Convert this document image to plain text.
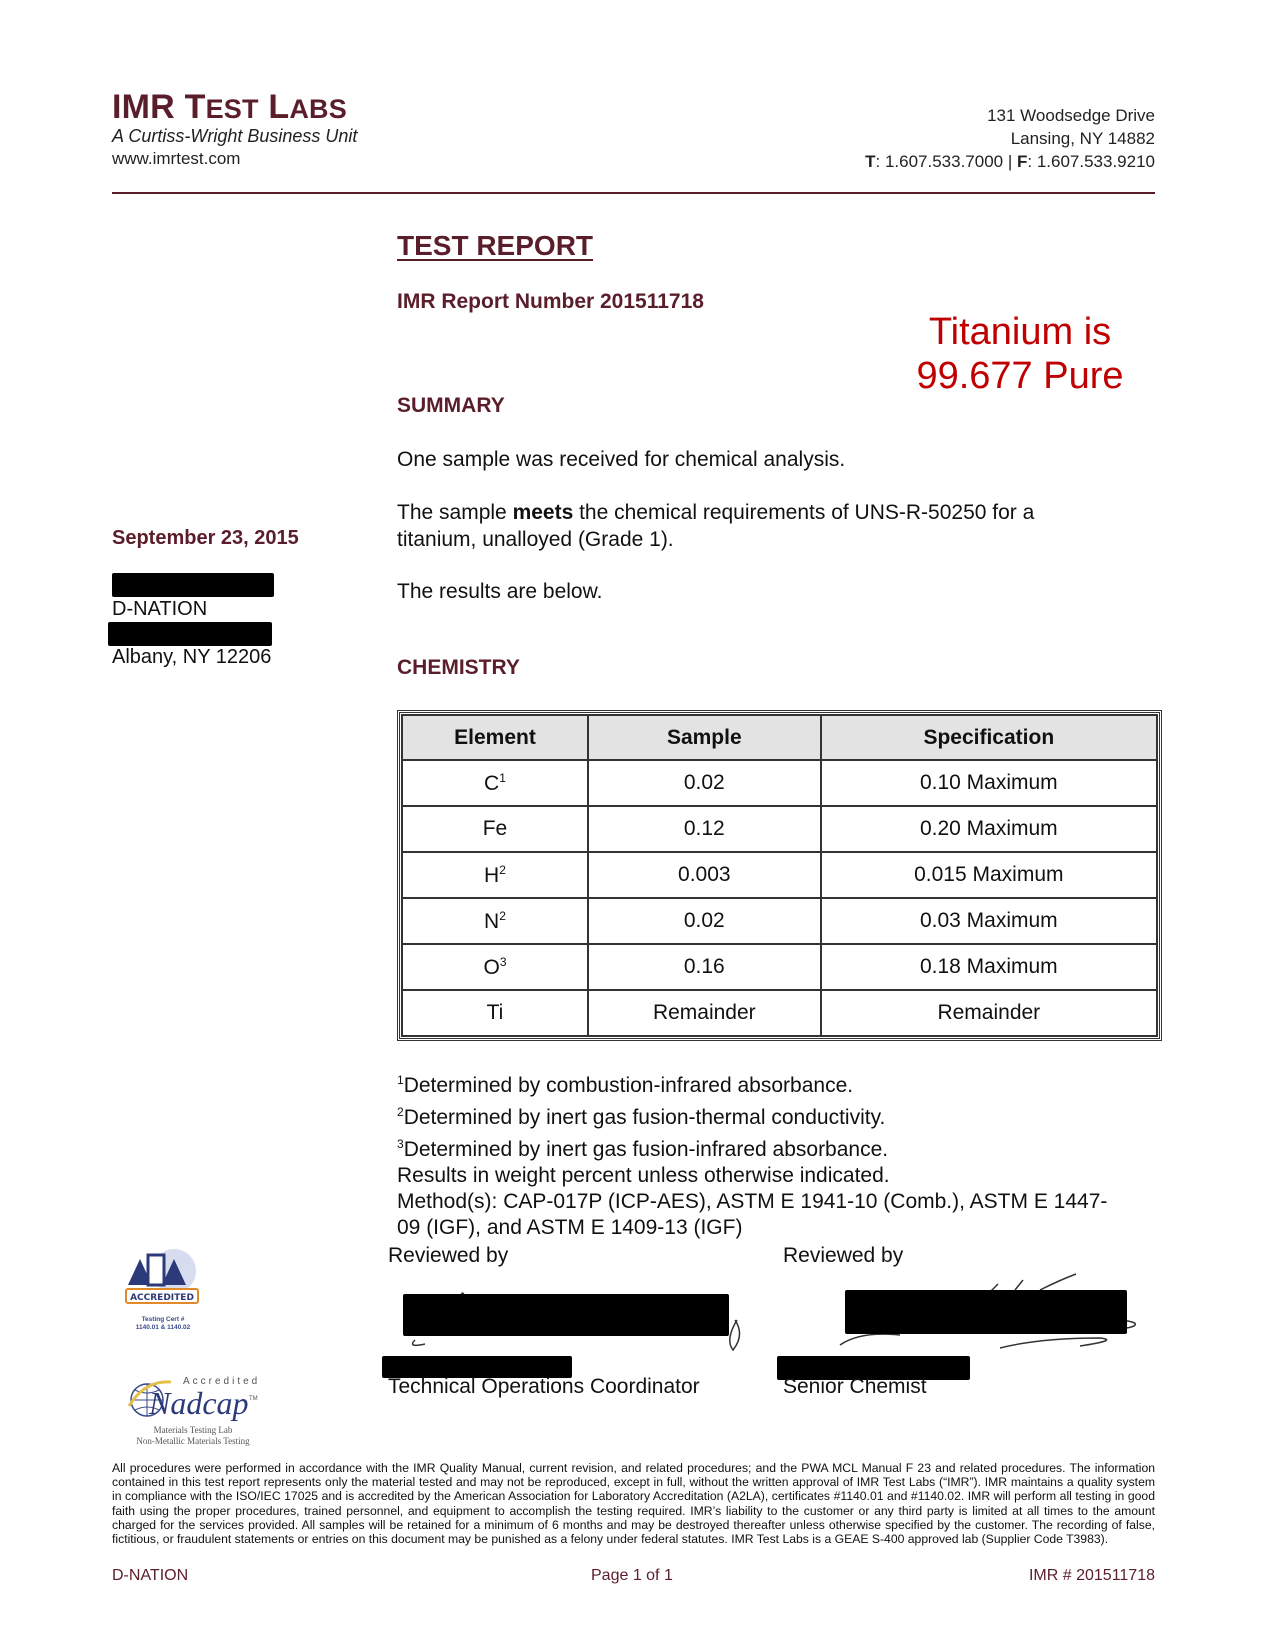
IMR TEST LABS
A Curtiss-Wright Business Unit
www.imrtest.com
131 Woodsedge Drive
Lansing, NY 14882
T: 1.607.533.7000 | F: 1.607.533.9210
TEST REPORT
IMR Report Number 201511718
Titanium is
99.677 Pure
SUMMARY
One sample was received for chemical analysis.
The sample meets the chemical requirements of UNS-R-50250 for a titanium, unalloyed (Grade 1).
The results are below.
September 23, 2015
D-NATION
Albany, NY 12206	CHEMISTRY
Element	Sample	Specification
$C^1$	0.02	0.10 Maximum
Fe	0.12	0.20 Maximum
$H^2$	0.003	0.015 Maximum
$N^2$	0.02	0.03 Maximum
$O^3$	0.16	0.18 Maximum
Ti	Remainder	Remainder
$^1$Determined by combustion-infrared absorbance.
$^2$Determined by inert gas fusion-thermal conductivity.
$^3$Determined by inert gas fusion-infrared absorbance.
Results in weight percent unless otherwise indicated.
Method(s): CAP-017P (ICP-AES), ASTM E 1941-10 (Comb.), ASTM E 1447-09 (IGF), and ASTM E 1409-13 (IGF)
Reviewed by	Reviewed by
Technical Operations Coordinator	Senior Chemist
ACCREDITED
Testing Cert #
1140.01 & 1140.02
Accredited
Nadcap TM
Materials Testing Lab
Non-Metallic Materials Testing
All procedures were performed in accordance with the IMR Quality Manual, current revision, and related procedures; and the PWA MCL Manual F 23 and related procedures. The information contained in this test report represents only the material tested and may not be reproduced, except in full, without the written approval of IMR Test Labs (“IMR”). IMR maintains a quality system in compliance with the ISO/IEC 17025 and is accredited by the American Association for Laboratory Accreditation (A2LA), certificates #1140.01 and #1140.02. IMR will perform all testing in good faith using the proper procedures, trained personnel, and equipment to accomplish the testing required. IMR’s liability to the customer or any third party is limited at all times to the amount charged for the services provided. All samples will be retained for a minimum of 6 months and may be destroyed thereafter unless otherwise specified by the customer. The recording of false, fictitious, or fraudulent statements or entries on this document may be punished as a felony under federal statutes. IMR Test Labs is a GEAE S-400 approved lab (Supplier Code T3983).
D-NATION	Page 1 of 1	IMR # 201511718
